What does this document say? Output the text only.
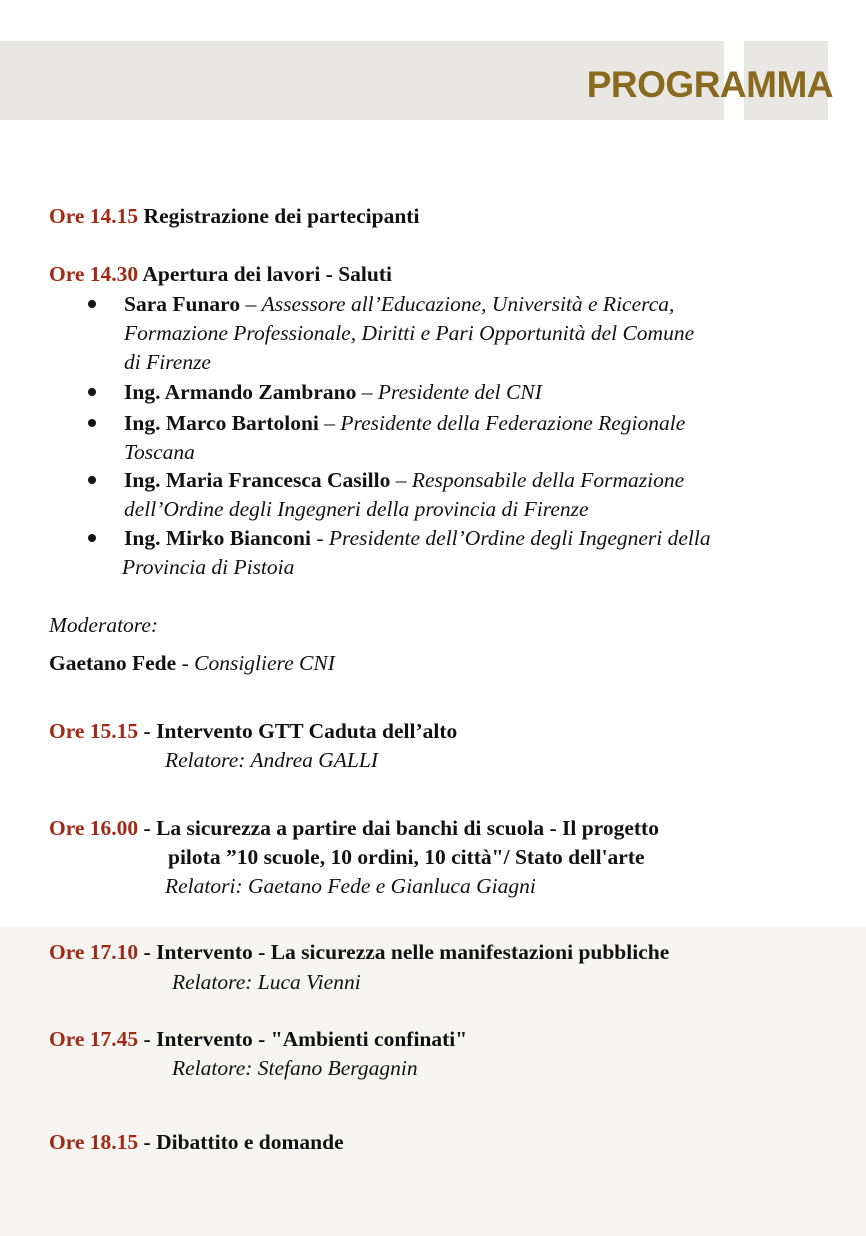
PROGRAMMA
Ore 14.15 Registrazione dei partecipanti
Ore 14.30 Apertura dei lavori - Saluti
Sara Funaro – Assessore all’Educazione, Università e Ricerca,
Formazione Professionale, Diritti e Pari Opportunità del Comune
di Firenze
Ing. Armando Zambrano – Presidente del CNI
Ing. Marco Bartoloni – Presidente della Federazione Regionale
Toscana
Ing. Maria Francesca Casillo – Responsabile della Formazione
dell’Ordine degli Ingegneri della provincia di Firenze
Ing. Mirko Bianconi - Presidente dell’Ordine degli Ingegneri della
Provincia di Pistoia
Moderatore:
Gaetano Fede - Consigliere CNI
Ore 15.15 - Intervento GTT Caduta dell’alto
Relatore: Andrea GALLI
Ore 16.00 - La sicurezza a partire dai banchi di scuola - Il progetto
pilota ”10 scuole, 10 ordini, 10 città"/ Stato dell'arte
Relatori: Gaetano Fede e Gianluca Giagni
Ore 17.10 - Intervento - La sicurezza nelle manifestazioni pubbliche
Relatore: Luca Vienni
Ore 17.45 - Intervento - "Ambienti confinati"
Relatore: Stefano Bergagnin
Ore 18.15 - Dibattito e domande
